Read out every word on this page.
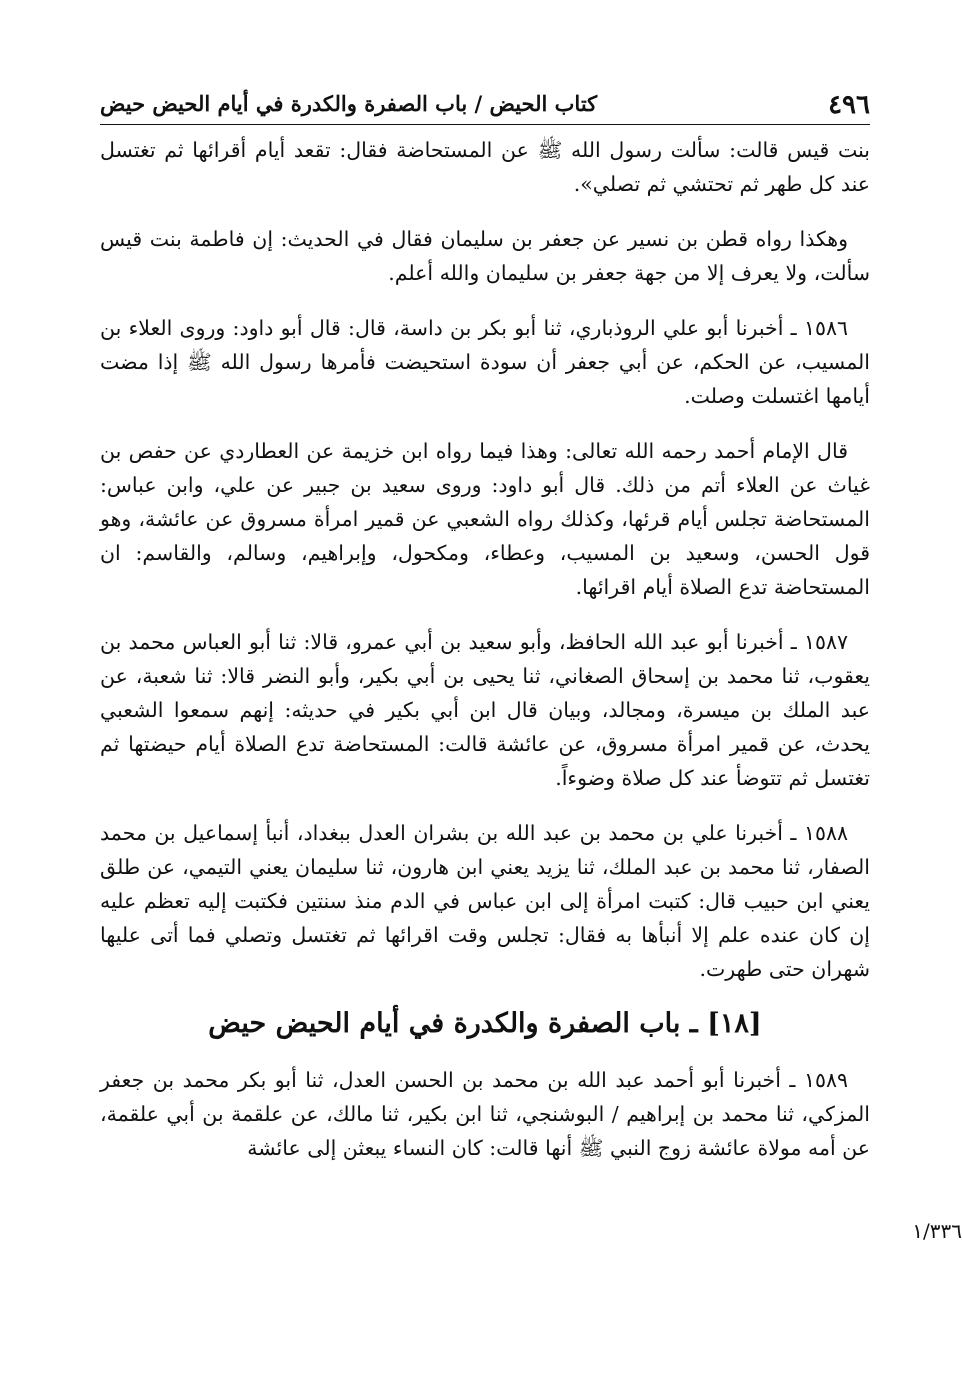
٤٩٦
كتاب الحيض / باب الصفرة والكدرة في أيام الحيض حيض

بنت قيس قالت: سألت رسول الله ﷺ عن المستحاضة فقال: تقعد أيام أقرائها ثم تغتسل عند كل طهر ثم تحتشي ثم تصلي».

وهكذا رواه قطن بن نسير عن جعفر بن سليمان فقال في الحديث: إن فاطمة بنت قيس سألت، ولا يعرف إلا من جهة جعفر بن سليمان والله أعلم.

١٥٨٦ ـ أخبرنا أبو علي الروذباري، ثنا أبو بكر بن داسة، قال: قال أبو داود: وروى العلاء بن المسيب، عن الحكم، عن أبي جعفر أن سودة استحيضت فأمرها رسول الله ﷺ إذا مضت أيامها اغتسلت وصلت.

قال الإمام أحمد رحمه الله تعالى: وهذا فيما رواه ابن خزيمة عن العطاردي عن حفص بن غياث عن العلاء أتم من ذلك. قال أبو داود: وروى سعيد بن جبير عن علي، وابن عباس: المستحاضة تجلس أيام قرئها، وكذلك رواه الشعبي عن قمير امرأة مسروق عن عائشة، وهو قول الحسن، وسعيد بن المسيب، وعطاء، ومكحول، وإبراهيم، وسالم، والقاسم: ان المستحاضة تدع الصلاة أيام اقرائها.

١٥٨٧ ـ أخبرنا أبو عبد الله الحافظ، وأبو سعيد بن أبي عمرو، قالا: ثنا أبو العباس محمد بن يعقوب، ثنا محمد بن إسحاق الصغاني، ثنا يحيى بن أبي بكير، وأبو النضر قالا: ثنا شعبة، عن عبد الملك بن ميسرة، ومجالد، وبيان قال ابن أبي بكير في حديثه: إنهم سمعوا الشعبي يحدث، عن قمير امرأة مسروق، عن عائشة قالت: المستحاضة تدع الصلاة أيام حيضتها ثم تغتسل ثم تتوضأ عند كل صلاة وضوءاً.

١٥٨٨ ـ أخبرنا علي بن محمد بن عبد الله بن بشران العدل ببغداد، أنبأ إسماعيل بن محمد الصفار، ثنا محمد بن عبد الملك، ثنا يزيد يعني ابن هارون، ثنا سليمان يعني التيمي، عن طلق يعني ابن حبيب قال: كتبت امرأة إلى ابن عباس في الدم منذ سنتين فكتبت إليه تعظم عليه إن كان عنده علم إلا أنبأها به فقال: تجلس وقت اقرائها ثم تغتسل وتصلي فما أتى عليها شهران حتى طهرت.

[١٨] ـ باب الصفرة والكدرة في أيام الحيض حيض

١٥٨٩ ـ أخبرنا أبو أحمد عبد الله بن محمد بن الحسن العدل، ثنا أبو بكر محمد بن جعفر المزكي، ثنا محمد بن إبراهيم / البوشنجي، ثنا ابن بكير، ثنا مالك، عن علقمة بن أبي علقمة، عن أمه مولاة عائشة زوج النبي ﷺ أنها قالت: كان النساء يبعثن إلى عائشة

١/٣٣٦
